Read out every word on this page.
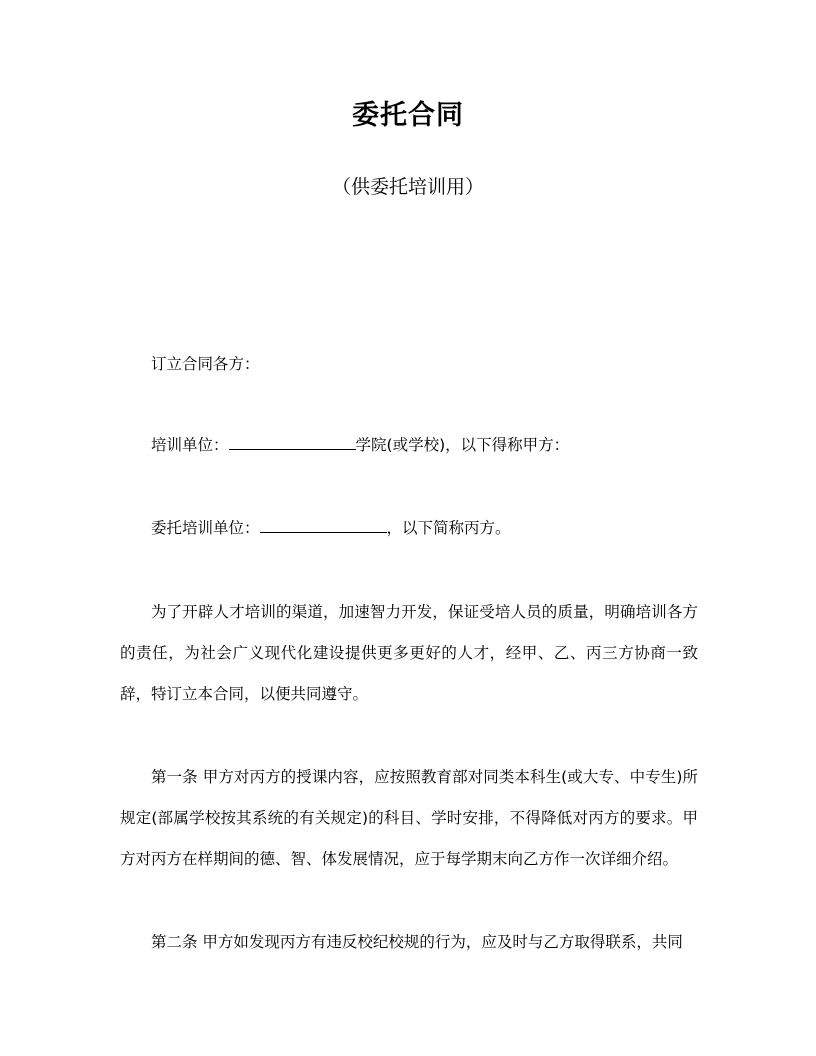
委托合同
（供委托培训用）

订立合同各方：

培训单位：	学院(或学校)，以下得称甲方：

委托培训单位：	，以下简称丙方。

为了开辟人才培训的渠道，加速智力开发，保证受培人员的质量，明确培训各方的责任，为社会广义现代化建设提供更多更好的人才，经甲、乙、丙三方协商一致辞，特订立本合同，以便共同遵守。

第一条 甲方对丙方的授课内容，应按照教育部对同类本科生(或大专、中专生)所规定(部属学校按其系统的有关规定)的科目、学时安排，不得降低对丙方的要求。甲方对丙方在样期间的德、智、体发展情况，应于每学期末向乙方作一次详细介绍。

第二条 甲方如发现丙方有违反校纪校规的行为，应及时与乙方取得联系，共同
